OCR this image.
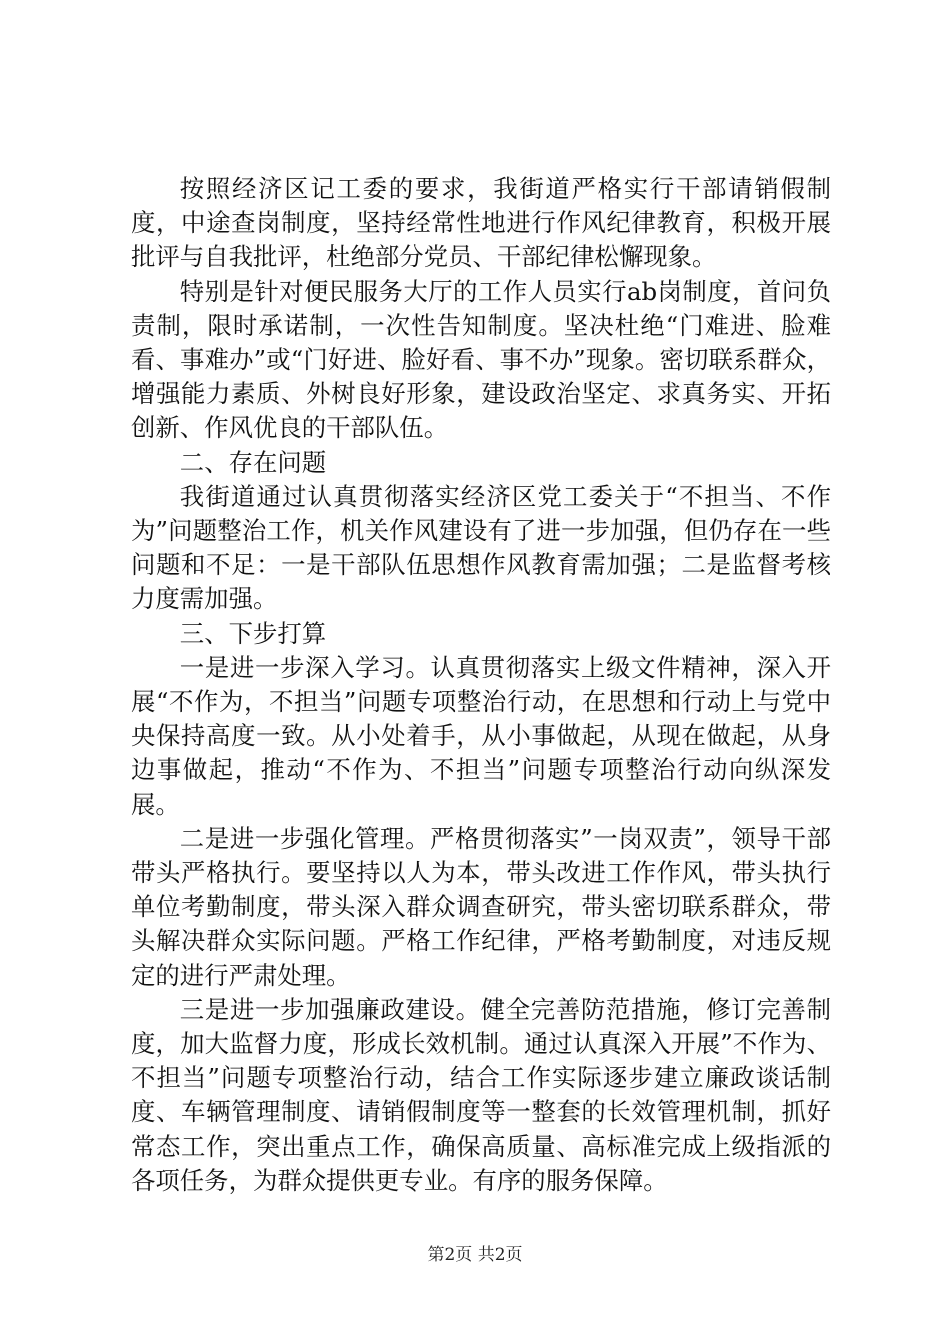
按照经济区记工委的要求，我街道严格实行干部请销假制度，中途查岗制度，坚持经常性地进行作风纪律教育，积极开展批评与自我批评，杜绝部分党员、干部纪律松懈现象。

特别是针对便民服务大厅的工作人员实行ab岗制度，首问负责制，限时承诺制，一次性告知制度。坚决杜绝“门难进、脸难看、事难办”或“门好进、脸好看、事不办”现象。密切联系群众，增强能力素质、外树良好形象，建设政治坚定、求真务实、开拓创新、作风优良的干部队伍。

二、存在问题

我街道通过认真贯彻落实经济区党工委关于“不担当、不作为”问题整治工作，机关作风建设有了进一步加强，但仍存在一些问题和不足：一是干部队伍思想作风教育需加强；二是监督考核力度需加强。

三、下步打算

一是进一步深入学习。认真贯彻落实上级文件精神，深入开展“不作为，不担当”问题专项整治行动，在思想和行动上与党中央保持高度一致。从小处着手，从小事做起，从现在做起，从身边事做起，推动“不作为、不担当”问题专项整治行动向纵深发展。

二是进一步强化管理。严格贯彻落实”一岗双责”，领导干部带头严格执行。要坚持以人为本，带头改进工作作风，带头执行单位考勤制度，带头深入群众调查研究，带头密切联系群众，带头解决群众实际问题。严格工作纪律，严格考勤制度，对违反规定的进行严肃处理。

三是进一步加强廉政建设。健全完善防范措施，修订完善制度，加大监督力度，形成长效机制。通过认真深入开展”不作为、不担当”问题专项整治行动，结合工作实际逐步建立廉政谈话制度、车辆管理制度、请销假制度等一整套的长效管理机制，抓好常态工作，突出重点工作，确保高质量、高标准完成上级指派的各项任务，为群众提供更专业。有序的服务保障。

第2页 共2页
